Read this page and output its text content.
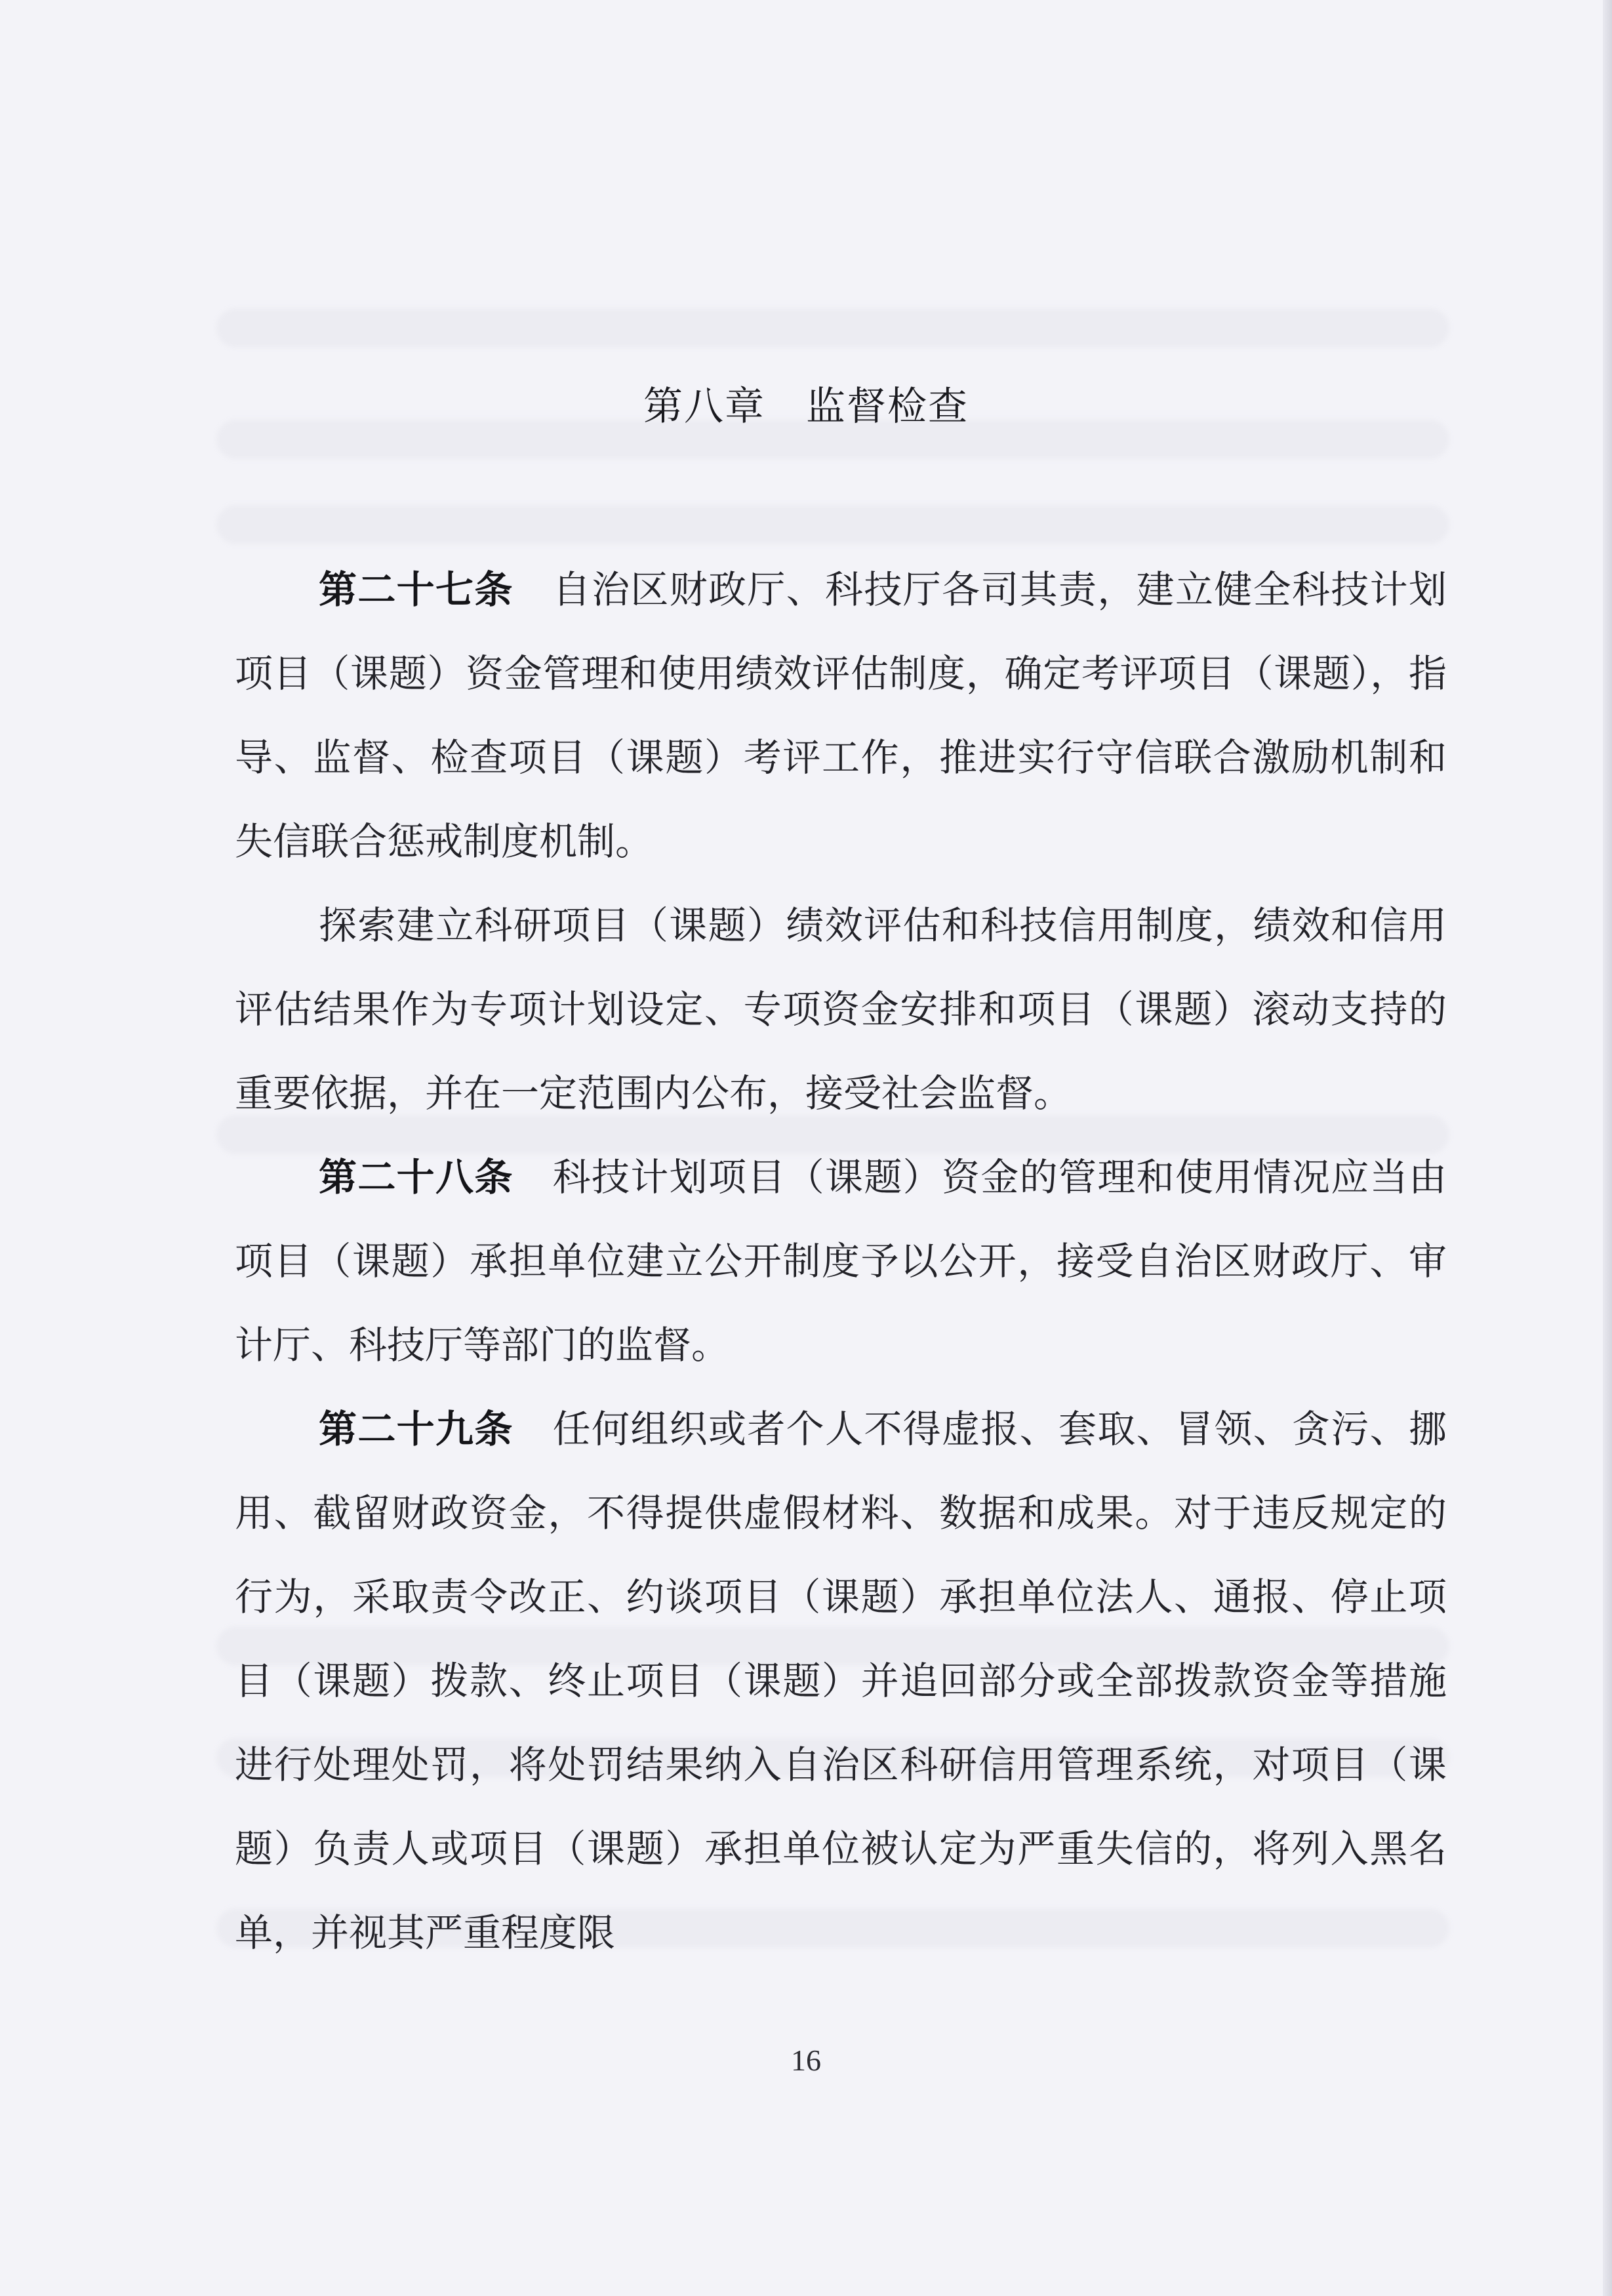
第八章　监督检查

第二十七条 自治区财政厅、科技厅各司其责，建立健全科技计划项目（课题）资金管理和使用绩效评估制度，确定考评项目（课题），指导、监督、检查项目（课题）考评工作，推进实行守信联合激励机制和失信联合惩戒制度机制。

探索建立科研项目（课题）绩效评估和科技信用制度，绩效和信用评估结果作为专项计划设定、专项资金安排和项目（课题）滚动支持的重要依据，并在一定范围内公布，接受社会监督。

第二十八条 科技计划项目（课题）资金的管理和使用情况应当由项目（课题）承担单位建立公开制度予以公开，接受自治区财政厅、审计厅、科技厅等部门的监督。

第二十九条 任何组织或者个人不得虚报、套取、冒领、贪污、挪用、截留财政资金，不得提供虚假材料、数据和成果。对于违反规定的行为，采取责令改正、约谈项目（课题）承担单位法人、通报、停止项目（课题）拨款、终止项目（课题）并追回部分或全部拨款资金等措施进行处理处罚，将处罚结果纳入自治区科研信用管理系统，对项目（课题）负责人或项目（课题）承担单位被认定为严重失信的，将列入黑名单，并视其严重程度限

16
